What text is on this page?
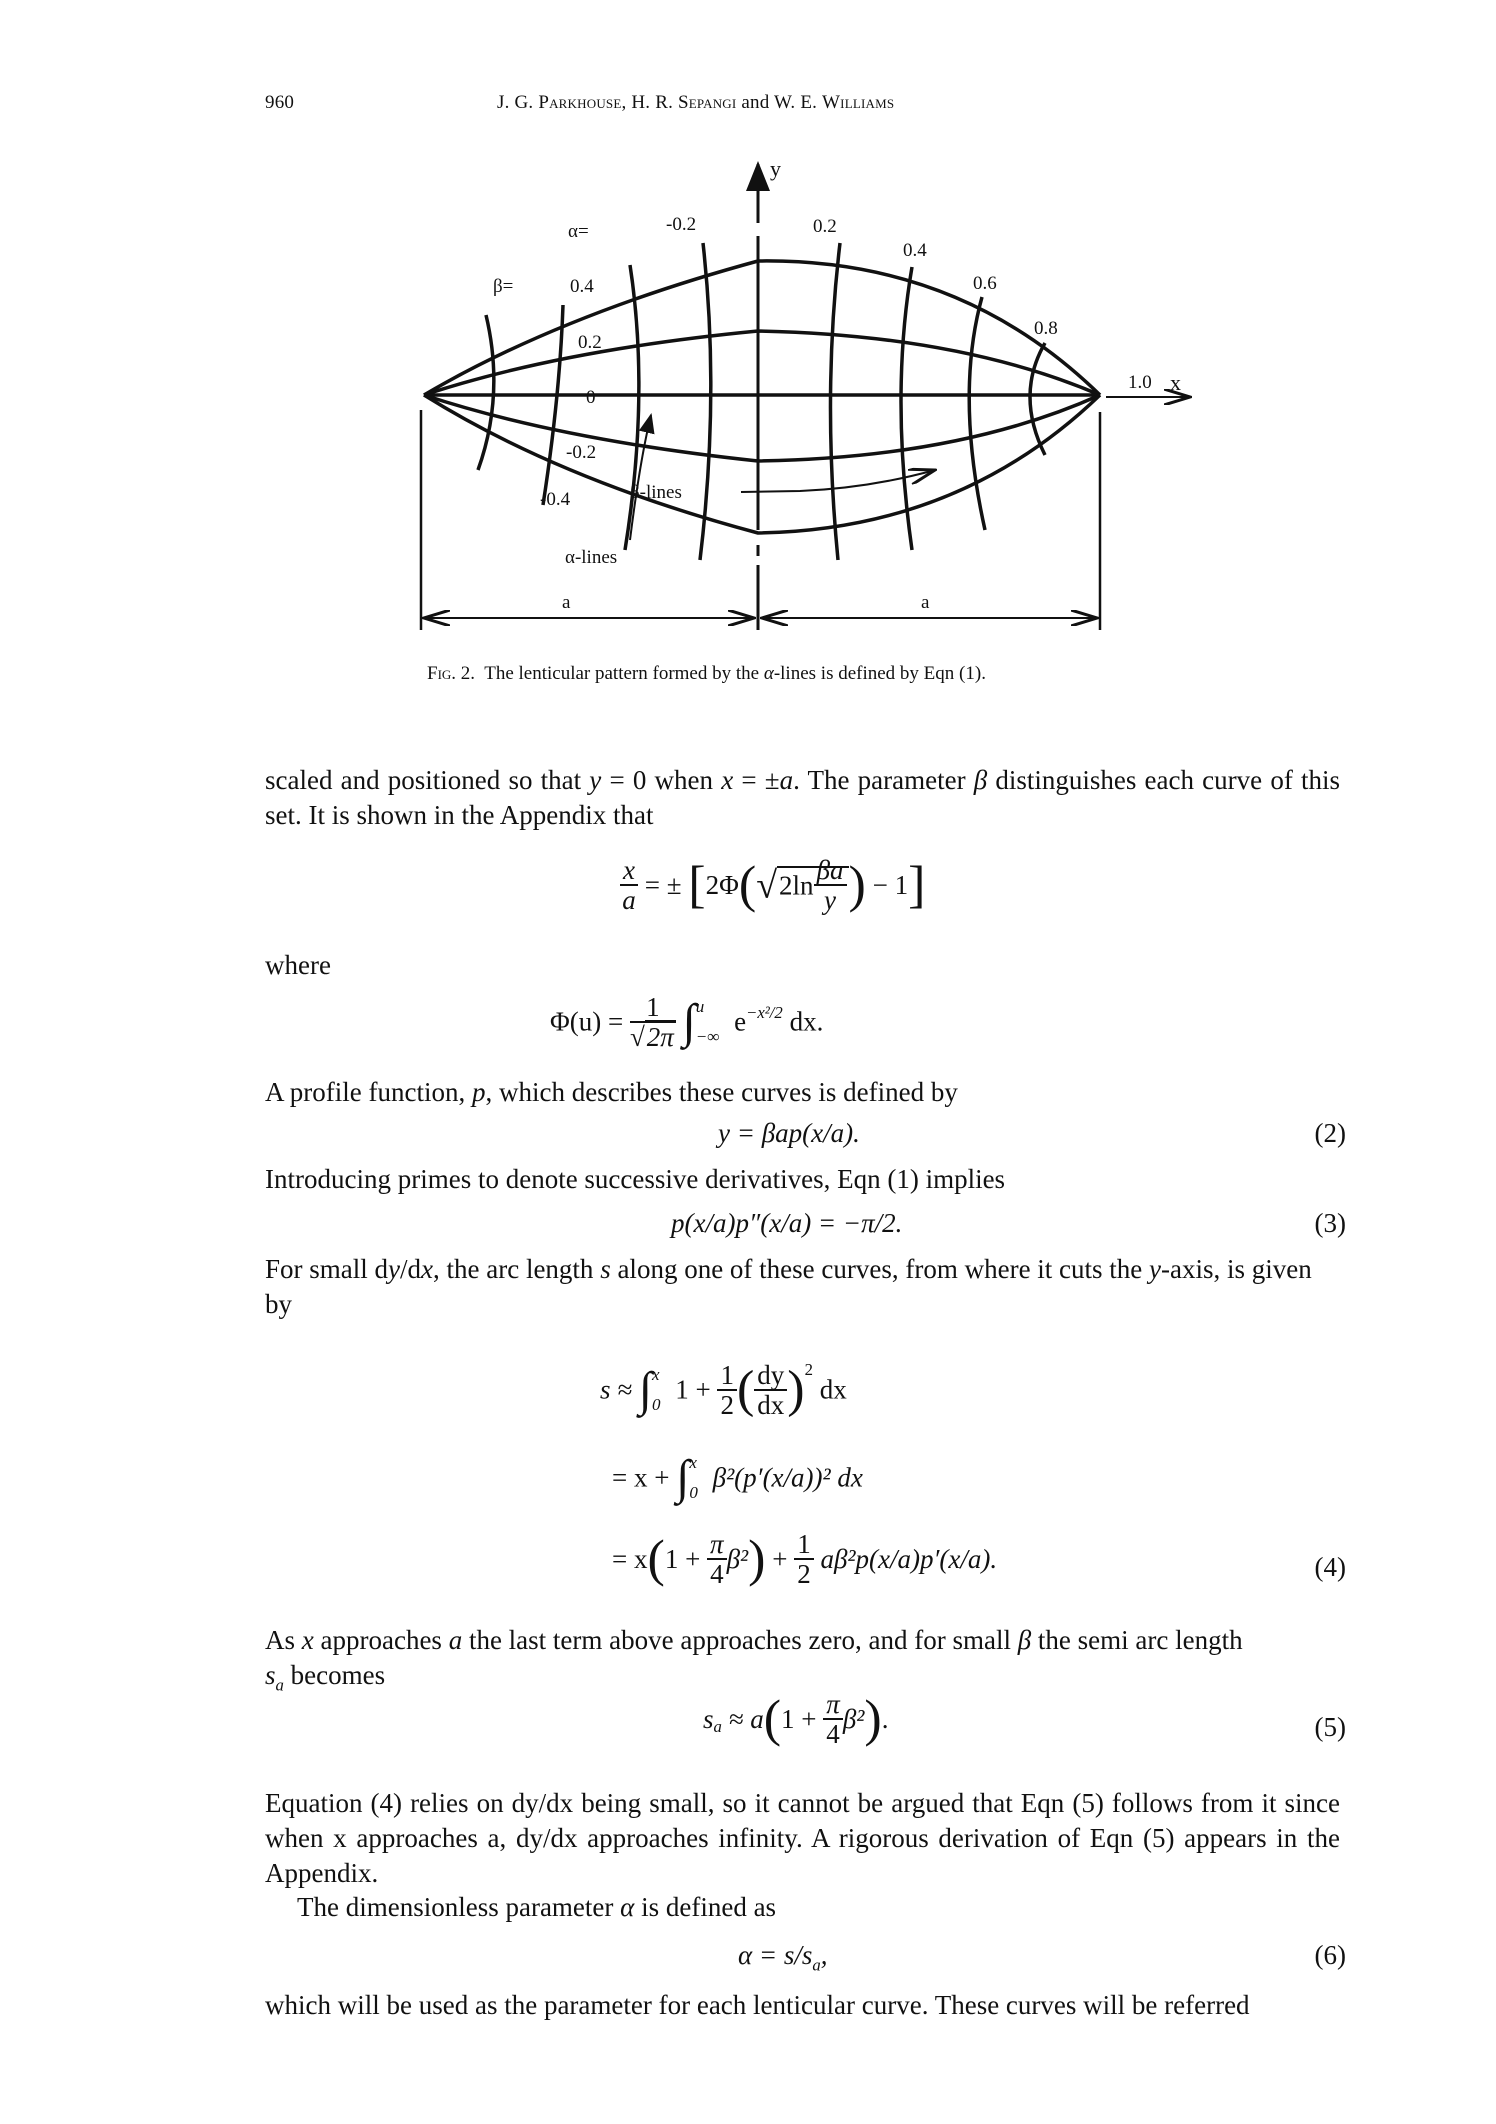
960	J. G. Parkhouse, H. R. Sepangi and W. E. Williams
y
x
α=
β=
-0.2	0.2
0.4
0.6
0.8
1.0
0.4
0.2
0
-0.2
-0.4	β-lines
α-lines
a	a
Fig. 2. The lenticular pattern formed by the α-lines is defined by Eqn (1).
scaled and positioned so that y = 0 when x = ±a. The parameter β distinguishes each curve of this set. It is shown in the Appendix that
$\frac{x}{a}$ = ± [$2\Phi(√2\ln \frac{\beta a}{y}$ ) − 1]
where
$\Phi(u) = \frac{1}{√2\pi}$ ∫ u
−∞ $e^{-x^2/2}$ dx.
A profile function, p, which describes these curves is defined by
y = βap(x/a).	(2)
Introducing primes to denote successive derivatives, Eqn (1) implies
p(x/a)p″(x/a) = −π/2.	(3)
For small dy/dx, the arc length s along one of these curves, from where it cuts the y-axis, is given by
s ≈ ∫ x
0 $1 + \frac{1}{2}$ ( $\frac{dy}{dx} )^2$ dx
= x + ∫ x
0 β²(p′(x/a))² dx
= $x(1 + \frac{\pi}{4} \beta^2) + \frac{1}{2} a\beta^2p(x/a)p'(x/a)$.	(4)
As x approaches a the last term above approaches zero, and for small β the semi arc length
$s_a$ becomes
$s_a \approx a(1 + \frac{\pi}{4} \beta^2)$.	(5)
Equation (4) relies on dy/dx being small, so it cannot be argued that Eqn (5) follows from it since when x approaches a, dy/dx approaches infinity. A rigorous derivation of Eqn (5) appears in the Appendix.
The dimensionless parameter α is defined as
$\alpha = s/s_a$,	(6)
which will be used as the parameter for each lenticular curve. These curves will be referred
